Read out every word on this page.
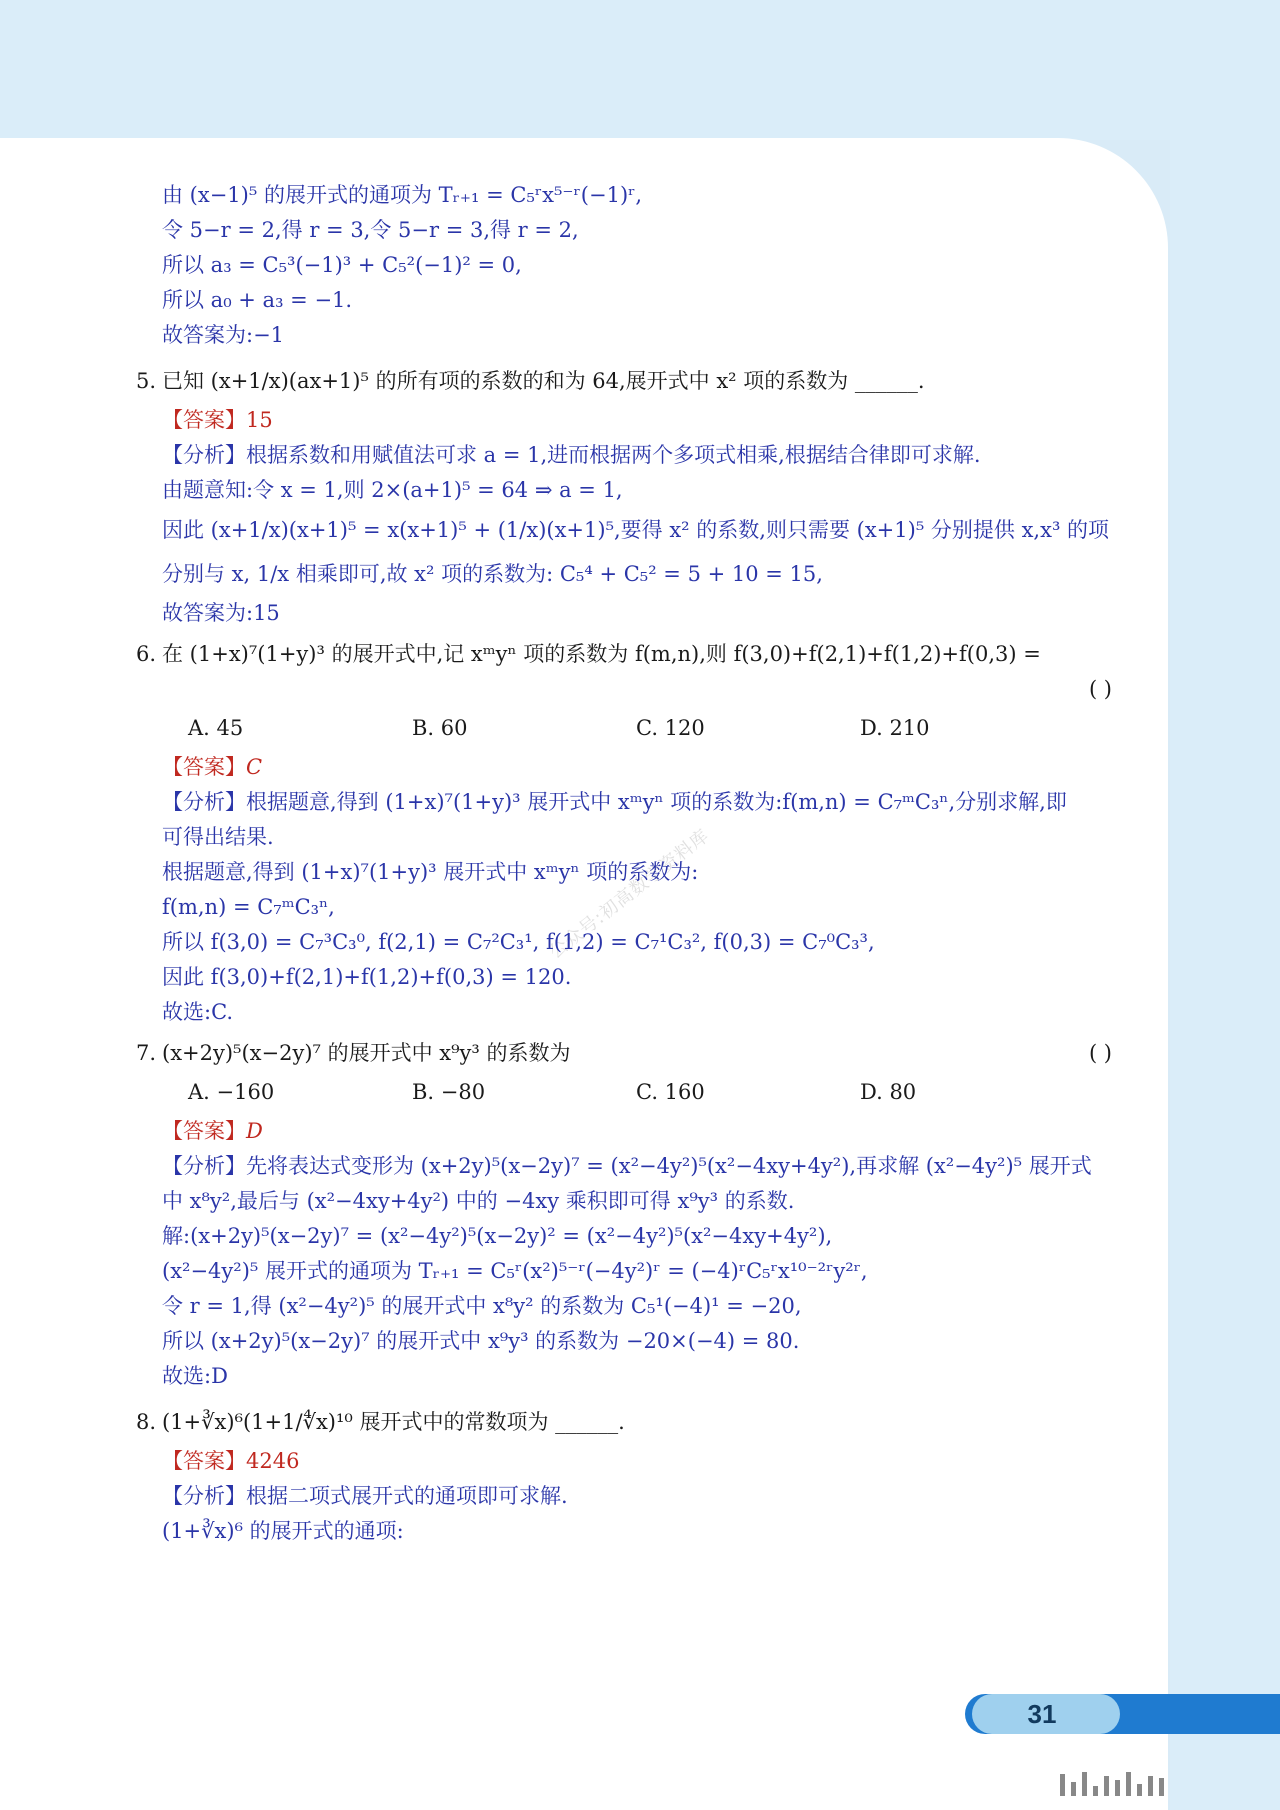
公众号:初高数学资料库
由 (x−1)⁵ 的展开式的通项为 Tᵣ₊₁ = C₅ʳx⁵⁻ʳ(−1)ʳ,
令 5−r = 2,得 r = 3,令 5−r = 3,得 r = 2,
所以 a₃ = C₅³(−1)³ + C₅²(−1)² = 0,
所以 a₀ + a₃ = −1.
故答案为:−1
5. 已知 (x+1/x)(ax+1)⁵ 的所有项的系数的和为 64,展开式中 x² 项的系数为 ______.
【答案】15
【分析】根据系数和用赋值法可求 a = 1,进而根据两个多项式相乘,根据结合律即可求解.
由题意知:令 x = 1,则 2×(a+1)⁵ = 64 ⇒ a = 1,
因此 (x+1/x)(x+1)⁵ = x(x+1)⁵ + (1/x)(x+1)⁵,要得 x² 的系数,则只需要 (x+1)⁵ 分别提供 x,x³ 的项
分别与 x, 1/x 相乘即可,故 x² 项的系数为: C₅⁴ + C₅² = 5 + 10 = 15,
故答案为:15
6. 在 (1+x)⁷(1+y)³ 的展开式中,记 xᵐyⁿ 项的系数为 f(m,n),则 f(3,0)+f(2,1)+f(1,2)+f(0,3) =
( )
A. 45	B. 60	C. 120	D. 210
【答案】C
【分析】根据题意,得到 (1+x)⁷(1+y)³ 展开式中 xᵐyⁿ 项的系数为:f(m,n) = C₇ᵐC₃ⁿ,分别求解,即
可得出结果.
根据题意,得到 (1+x)⁷(1+y)³ 展开式中 xᵐyⁿ 项的系数为:
f(m,n) = C₇ᵐC₃ⁿ,
所以 f(3,0) = C₇³C₃⁰, f(2,1) = C₇²C₃¹, f(1,2) = C₇¹C₃², f(0,3) = C₇⁰C₃³,
因此 f(3,0)+f(2,1)+f(1,2)+f(0,3) = 120.
故选:C.
7. (x+2y)⁵(x−2y)⁷ 的展开式中 x⁹y³ 的系数为	( )
A. −160	B. −80	C. 160	D. 80
【答案】D
【分析】先将表达式变形为 (x+2y)⁵(x−2y)⁷ = (x²−4y²)⁵(x²−4xy+4y²),再求解 (x²−4y²)⁵ 展开式
中 x⁸y²,最后与 (x²−4xy+4y²) 中的 −4xy 乘积即可得 x⁹y³ 的系数.
解:(x+2y)⁵(x−2y)⁷ = (x²−4y²)⁵(x−2y)² = (x²−4y²)⁵(x²−4xy+4y²),
(x²−4y²)⁵ 展开式的通项为 Tᵣ₊₁ = C₅ʳ(x²)⁵⁻ʳ(−4y²)ʳ = (−4)ʳC₅ʳx¹⁰⁻²ʳy²ʳ,
令 r = 1,得 (x²−4y²)⁵ 的展开式中 x⁸y² 的系数为 C₅¹(−4)¹ = −20,
所以 (x+2y)⁵(x−2y)⁷ 的展开式中 x⁹y³ 的系数为 −20×(−4) = 80.
故选:D
8. (1+∛x)⁶(1+1/∜x)¹⁰ 展开式中的常数项为 ______.
【答案】4246
【分析】根据二项式展开式的通项即可求解.
(1+∛x)⁶ 的展开式的通项:
31
